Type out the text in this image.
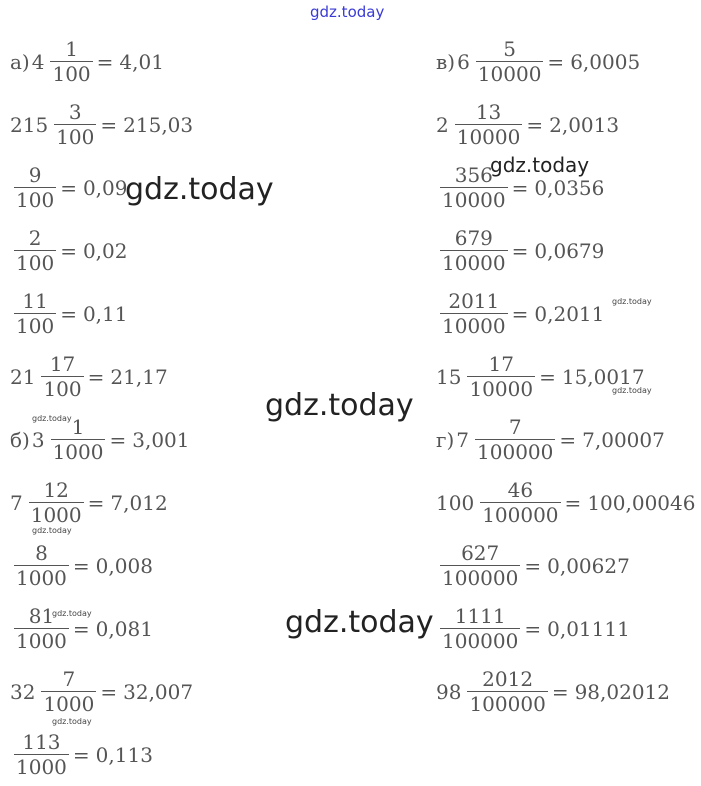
gdz.today
а) $4 \frac{1}{100} = 4,01$
$215 \frac{3}{100} = 215,03$
$\frac{9}{100} = 0,09$
$\frac{2}{100} = 0,02$
$\frac{11}{100} = 0,11$
$21 \frac{17}{100} = 21,17$
б) $3 \frac{1}{1000} = 3,001$
$7 \frac{12}{1000} = 7,012$
$\frac{8}{1000} = 0,008$
$\frac{81}{1000} = 0,081$
$32 \frac{7}{1000} = 32,007$
$\frac{113}{1000} = 0,113$
в) $6 \frac{5}{10000} = 6,0005$
$2 \frac{13}{10000} = 2,0013$
$\frac{356}{10000} = 0,0356$
$\frac{679}{10000} = 0,0679$
$\frac{2011}{10000} = 0,2011$
$15 \frac{17}{10000} = 15,0017$
г) $7 \frac{7}{100000} = 7,00007$
$100 \frac{46}{100000} = 100,00046$
$\frac{627}{100000} = 0,00627$
$\frac{1111}{100000} = 0,01111$
$98 \frac{2012}{100000} = 98,02012$
gdz.today
gdz.today
gdz.today
gdz.today
gdz.today
gdz.today
gdz.today
gdz.today
gdz.today
gdz.today
